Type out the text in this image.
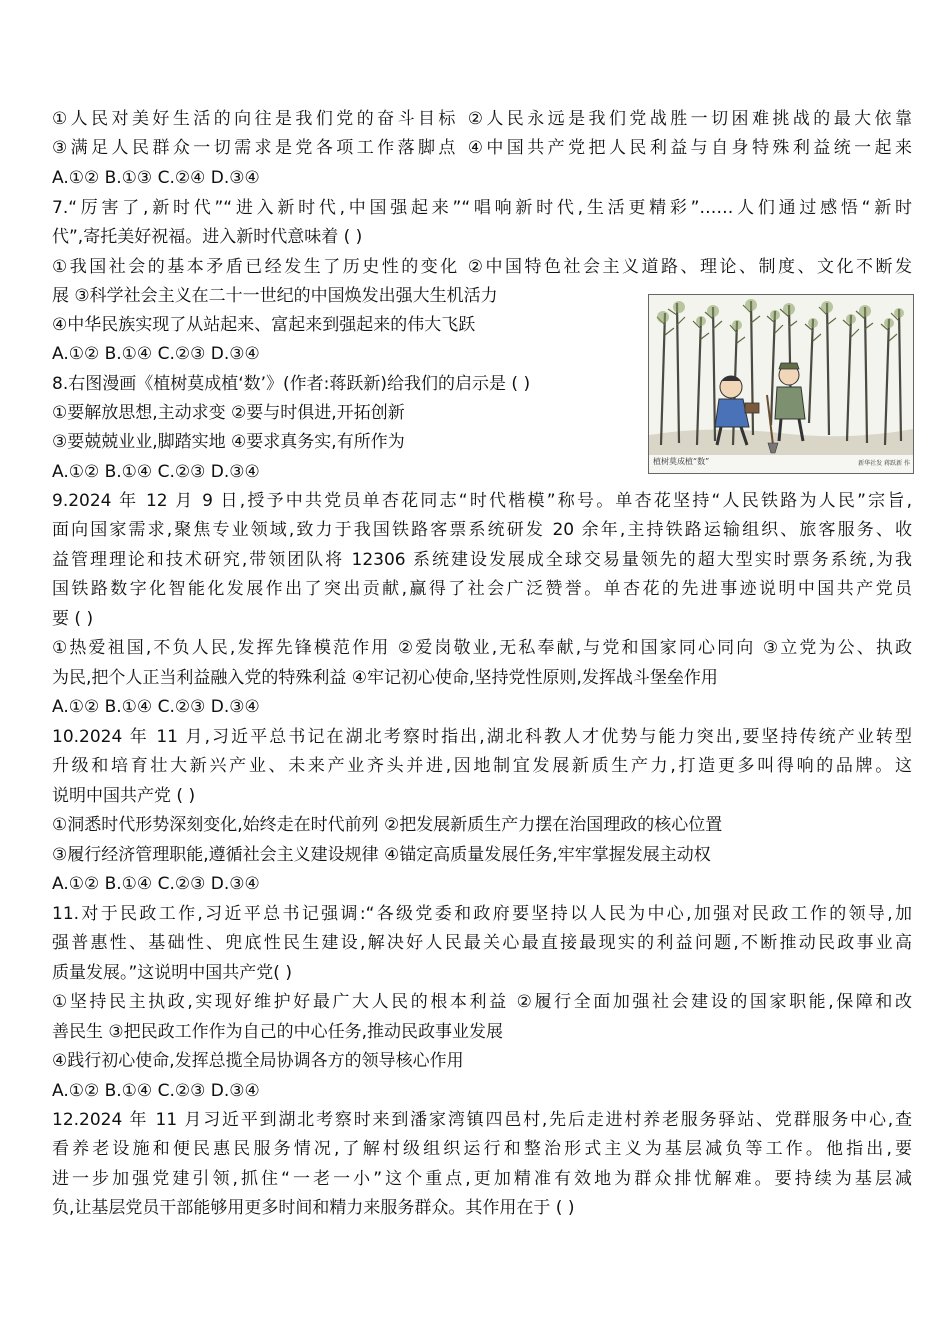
①人民对美好生活的向往是我们党的奋斗目标 ②人民永远是我们党战胜一切困难挑战的最大依靠
③满足人民群众一切需求是党各项工作落脚点 ④中国共产党把人民利益与自身特殊利益统一起来
A.①② B.①③ C.②④ D.③④
7.“厉害了,新时代”“进入新时代,中国强起来”“唱响新时代,生活更精彩”……人们通过感悟“新时
代”,寄托美好祝福。进入新时代意味着 ( )
①我国社会的基本矛盾已经发生了历史性的变化 ②中国特色社会主义道路、理论、制度、文化不断发
展 ③科学社会主义在二十一世纪的中国焕发出强大生机活力
④中华民族实现了从站起来、富起来到强起来的伟大飞跃
A.①② B.①④ C.②③ D.③④
8.右图漫画《植树莫成植‘数’》(作者:蒋跃新)给我们的启示是 ( )
①要解放思想,主动求变 ②要与时俱进,开拓创新
③要兢兢业业,脚踏实地 ④要求真务实,有所作为
A.①② B.①④ C.②③ D.③④
9.2024 年 12 月 9 日,授予中共党员单杏花同志“时代楷模”称号。单杏花坚持“人民铁路为人民”宗旨,
面向国家需求,聚焦专业领域,致力于我国铁路客票系统研发 20 余年,主持铁路运输组织、旅客服务、收
益管理理论和技术研究,带领团队将 12306 系统建设发展成全球交易量领先的超大型实时票务系统,为我
国铁路数字化智能化发展作出了突出贡献,赢得了社会广泛赞誉。单杏花的先进事迹说明中国共产党员
要 ( )
①热爱祖国,不负人民,发挥先锋模范作用 ②爱岗敬业,无私奉献,与党和国家同心同向 ③立党为公、执政
为民,把个人正当利益融入党的特殊利益 ④牢记初心使命,坚持党性原则,发挥战斗堡垒作用
A.①② B.①④ C.②③ D.③④
10.2024 年 11 月,习近平总书记在湖北考察时指出,湖北科教人才优势与能力突出,要坚持传统产业转型
升级和培育壮大新兴产业、未来产业齐头并进,因地制宜发展新质生产力,打造更多叫得响的品牌。这
说明中国共产党 ( )
①洞悉时代形势深刻变化,始终走在时代前列 ②把发展新质生产力摆在治国理政的核心位置
③履行经济管理职能,遵循社会主义建设规律 ④锚定高质量发展任务,牢牢掌握发展主动权
A.①② B.①④ C.②③ D.③④
11.对于民政工作,习近平总书记强调:“各级党委和政府要坚持以人民为中心,加强对民政工作的领导,加
强普惠性、基础性、兜底性民生建设,解决好人民最关心最直接最现实的利益问题,不断推动民政事业高
质量发展。”这说明中国共产党( )
①坚持民主执政,实现好维护好最广大人民的根本利益 ②履行全面加强社会建设的国家职能,保障和改
善民生 ③把民政工作作为自己的中心任务,推动民政事业发展
④践行初心使命,发挥总揽全局协调各方的领导核心作用
A.①② B.①④ C.②③ D.③④
12.2024 年 11 月习近平到湖北考察时来到潘家湾镇四邑村,先后走进村养老服务驿站、党群服务中心,查
看养老设施和便民惠民服务情况,了解村级组织运行和整治形式主义为基层减负等工作。他指出,要
进一步加强党建引领,抓住“一老一小”这个重点,更加精准有效地为群众排忧解难。要持续为基层减
负,让基层党员干部能够用更多时间和精力来服务群众。其作用在于 ( )
植树莫成植“数”	新华社发 蒋跃新 作
